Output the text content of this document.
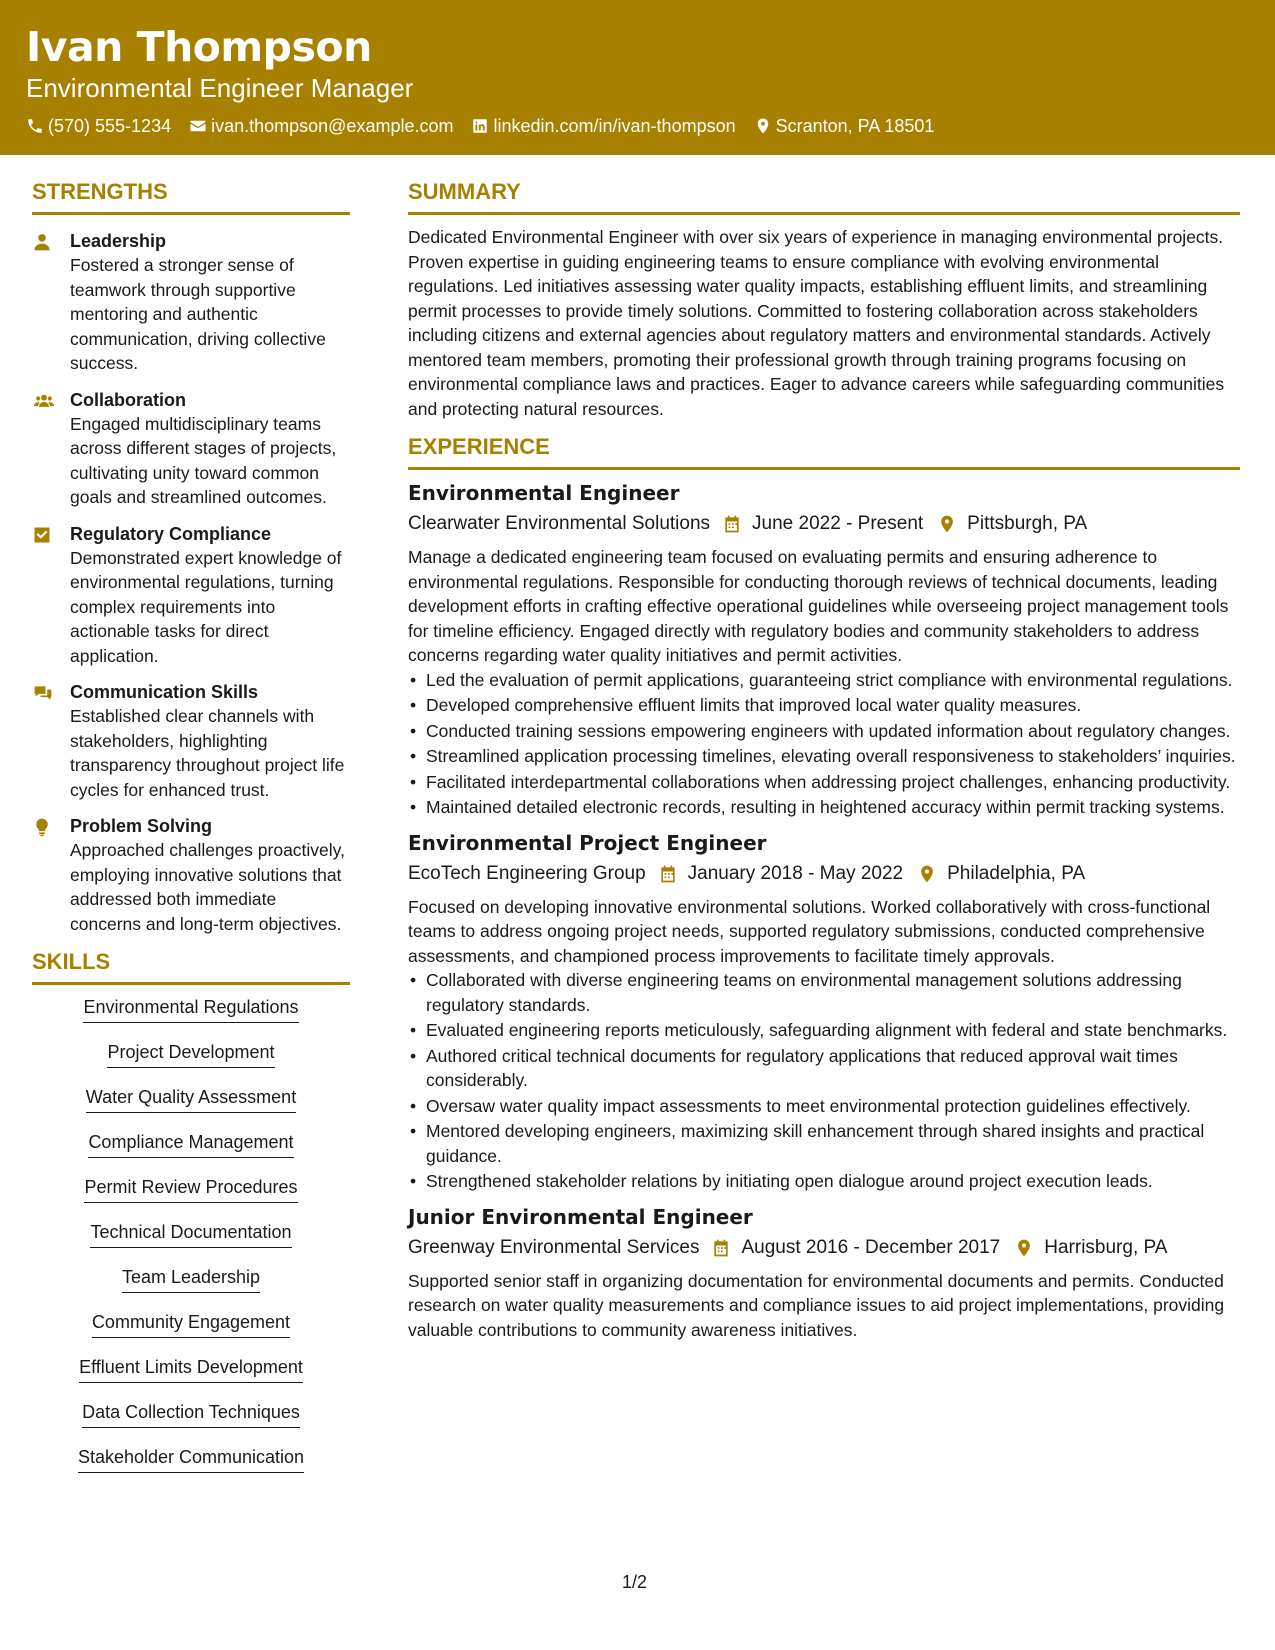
Ivan Thompson
Environmental Engineer Manager
(570) 555-1234 ivan.thompson@example.com linkedin.com/in/ivan-thompson Scranton, PA 18501
STRENGTHS
Leadership
Fostered a stronger sense of teamwork through supportive mentoring and authentic communication, driving collective success.
Collaboration
Engaged multidisciplinary teams across different stages of projects, cultivating unity toward common goals and streamlined outcomes.
Regulatory Compliance
Demonstrated expert knowledge of environmental regulations, turning complex requirements into actionable tasks for direct application.
Communication Skills
Established clear channels with stakeholders, highlighting transparency throughout project life cycles for enhanced trust.
Problem Solving
Approached challenges proactively, employing innovative solutions that addressed both immediate concerns and long-term objectives.
SKILLS
Environmental Regulations
Project Development
Water Quality Assessment
Compliance Management
Permit Review Procedures
Technical Documentation
Team Leadership
Community Engagement
Effluent Limits Development
Data Collection Techniques
Stakeholder Communication
SUMMARY
Dedicated Environmental Engineer with over six years of experience in managing environmental projects. Proven expertise in guiding engineering teams to ensure compliance with evolving environmental regulations. Led initiatives assessing water quality impacts, establishing effluent limits, and streamlining permit processes to provide timely solutions. Committed to fostering collaboration across stakeholders including citizens and external agencies about regulatory matters and environmental standards. Actively mentored team members, promoting their professional growth through training programs focusing on environmental compliance laws and practices. Eager to advance careers while safeguarding communities and protecting natural resources.
EXPERIENCE
Environmental Engineer
Clearwater Environmental Solutions June 2022 - Present Pittsburgh, PA
Manage a dedicated engineering team focused on evaluating permits and ensuring adherence to environmental regulations. Responsible for conducting thorough reviews of technical documents, leading development efforts in crafting effective operational guidelines while overseeing project management tools for timeline efficiency. Engaged directly with regulatory bodies and community stakeholders to address concerns regarding water quality initiatives and permit activities.
• Led the evaluation of permit applications, guaranteeing strict compliance with environmental regulations.
• Developed comprehensive effluent limits that improved local water quality measures.
• Conducted training sessions empowering engineers with updated information about regulatory changes.
• Streamlined application processing timelines, elevating overall responsiveness to stakeholders’ inquiries.
• Facilitated interdepartmental collaborations when addressing project challenges, enhancing productivity.
• Maintained detailed electronic records, resulting in heightened accuracy within permit tracking systems.
Environmental Project Engineer
EcoTech Engineering Group January 2018 - May 2022 Philadelphia, PA
Focused on developing innovative environmental solutions. Worked collaboratively with cross-functional teams to address ongoing project needs, supported regulatory submissions, conducted comprehensive assessments, and championed process improvements to facilitate timely approvals.
• Collaborated with diverse engineering teams on environmental management solutions addressing regulatory standards.
• Evaluated engineering reports meticulously, safeguarding alignment with federal and state benchmarks.
• Authored critical technical documents for regulatory applications that reduced approval wait times considerably.
• Oversaw water quality impact assessments to meet environmental protection guidelines effectively.
• Mentored developing engineers, maximizing skill enhancement through shared insights and practical guidance.
• Strengthened stakeholder relations by initiating open dialogue around project execution leads.
Junior Environmental Engineer
Greenway Environmental Services August 2016 - December 2017 Harrisburg, PA
Supported senior staff in organizing documentation for environmental documents and permits. Conducted research on water quality measurements and compliance issues to aid project implementations, providing valuable contributions to community awareness initiatives.
1/2
